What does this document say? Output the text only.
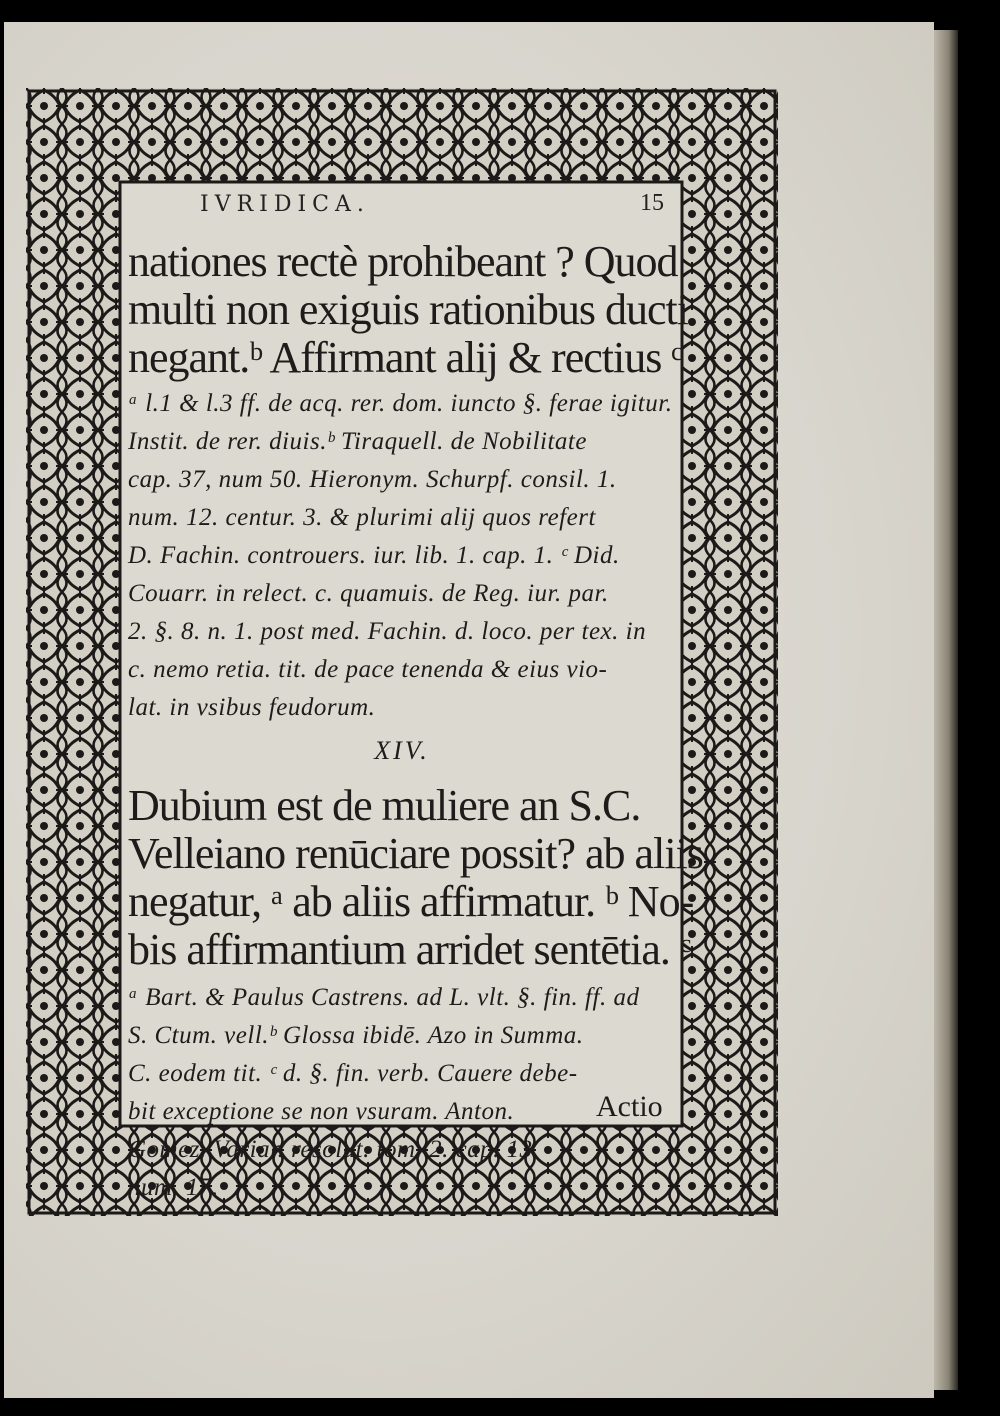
IVRIDICA.	15
nationes rectè prohibeant ? Quod
multi non exiguis rationibus ducti
negant.ᵇ Affirmant alij & rectius ᶜ
ᵃ l.1 & l.3 ff. de acq. rer. dom. iuncto §. ferae igitur.
Instit. de rer. diuis.ᵇ Tiraquell. de Nobilitate
cap. 37, num 50. Hieronym. Schurpf. consil. 1.
num. 12. centur. 3. & plurimi alij quos refert
D. Fachin. controuers. iur. lib. 1. cap. 1. ᶜ Did.
Couarr. in relect. c. quamuis. de Reg. iur. par.
2. §. 8. n. 1. post med. Fachin. d. loco. per tex. in
c. nemo retia. tit. de pace tenenda & eius vio-
lat. in vsibus feudorum.
XIV.
Dubium est de muliere an S.C.
Velleiano renūciare possit? ab aliis
negatur, ᵃ ab aliis affirmatur. ᵇ No-
bis affirmantium arridet sentētia. ᶜ
ᵃ Bart. & Paulus Castrens. ad L. vlt. §. fin. ff. ad
S. Ctum. vell.ᵇ Glossa ibidē. Azo in Summa.
C. eodem tit. ᶜ d. §. fin. verb. Cauere debe-
bit exceptione se non vsuram. Anton.
Gomez. Variar. resolut. tom. 2. cap. 13.
num. 17.
Actio
